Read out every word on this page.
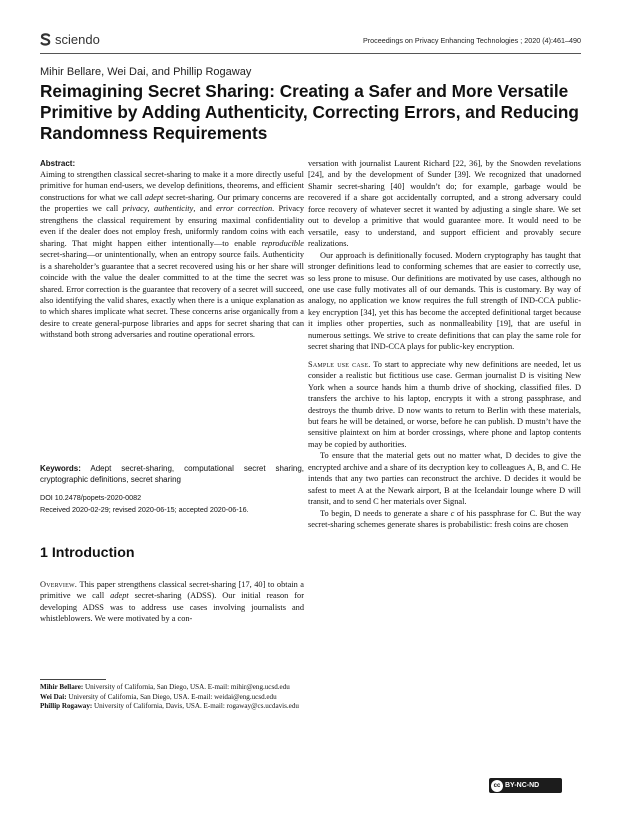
sciendo	Proceedings on Privacy Enhancing Technologies ; 2020 (4):461–490
Mihir Bellare, Wei Dai, and Phillip Rogaway
Reimagining Secret Sharing: Creating a Safer and More Versatile Primitive by Adding Authenticity, Correcting Errors, and Reducing Randomness Requirements
Abstract:

Aiming to strengthen classical secret-sharing to make it a more directly useful primitive for human end-users, we develop definitions, theorems, and efficient constructions for what we call adept secret-sharing. Our primary concerns are the properties we call privacy, authenticity, and error correction. Privacy strengthens the classical requirement by ensuring maximal confidentiality even if the dealer does not employ fresh, uniformly random coins with each sharing. That might happen either intentionally—to enable reproducible secret-sharing—or unintentionally, when an entropy source fails. Authenticity is a shareholder’s guarantee that a secret recovered using his or her share will coincide with the value the dealer committed to at the time the secret was shared. Error correction is the guarantee that recovery of a secret will succeed, also identifying the valid shares, exactly when there is a unique explanation as to which shares implicate what secret. These concerns arise organically from a desire to create general-purpose libraries and apps for secret sharing that can withstand both strong adversaries and routine operational errors.

Keywords: Adept secret-sharing, computational secret sharing, cryptographic definitions, secret sharing
DOI 10.2478/popets-2020-0082
Received 2020-02-29; revised 2020-06-15; accepted 2020-06-16.
1 Introduction

Overview. This paper strengthens classical secret-sharing [17, 40] to obtain a primitive we call adept secret-sharing (ADSS). Our initial reason for developing ADSS was to address use cases involving journalists and whistleblowers. We were motivated by a con-

Mihir Bellare: University of California, San Diego, USA. E-mail: mihir@eng.ucsd.edu
Wei Dai: University of California, San Diego, USA. E-mail: weidai@eng.ucsd.edu
Phillip Rogaway: University of California, Davis, USA. E-mail: rogaway@cs.ucdavis.edu

versation with journalist Laurent Richard [22, 36], by the Snowden revelations [24], and by the development of Sunder [39]. We recognized that unadorned Shamir secret-sharing [40] wouldn’t do; for example, garbage would be recovered if a share got accidentally corrupted, and a strong adversary could force recovery of whatever secret it wanted by adjusting a single share. We set out to develop a primitive that would guarantee more. It would need to be versatile, easy to understand, and support efficient and provably secure realizations.

Our approach is definitionally focused. Modern cryptography has taught that stronger definitions lead to conforming schemes that are easier to correctly use, so less prone to misuse. Our definitions are motivated by use cases, although no one use case fully motivates all of our demands. This is customary. By way of analogy, no application we know requires the full strength of IND-CCA public-key encryption [34], yet this has become the accepted definitional target because it implies other properties, such as nonmalleability [19], that are useful in numerous settings. We strive to create definitions that can play the same role for secret sharing that IND-CCA plays for public-key encryption.

Sample use case. To start to appreciate why new definitions are needed, let us consider a realistic but fictitious use case. German journalist D is visiting New York when a source hands him a thumb drive of shocking, classified files. D transfers the archive to his laptop, encrypts it with a strong passphrase, and destroys the thumb drive. D now wants to return to Berlin with these materials, but fears he will be detained, or worse, before he can publish. D mustn’t have the sensitive plaintext on him at border crossings, where phone and laptop contents may be copied by authorities.

To ensure that the material gets out no matter what, D decides to give the encrypted archive and a share of its decryption key to colleagues A, B, and C. He intends that any two parties can reconstruct the archive. D decides it would be safest to meet A at the Newark airport, B at the Icelandair lounge where D will transit, and to send C her materials over Signal.

To begin, D needs to generate a share c of his passphrase for C. But the way secret-sharing schemes generate shares is probabilistic: fresh coins are chosen

cc BY-NC-ND
